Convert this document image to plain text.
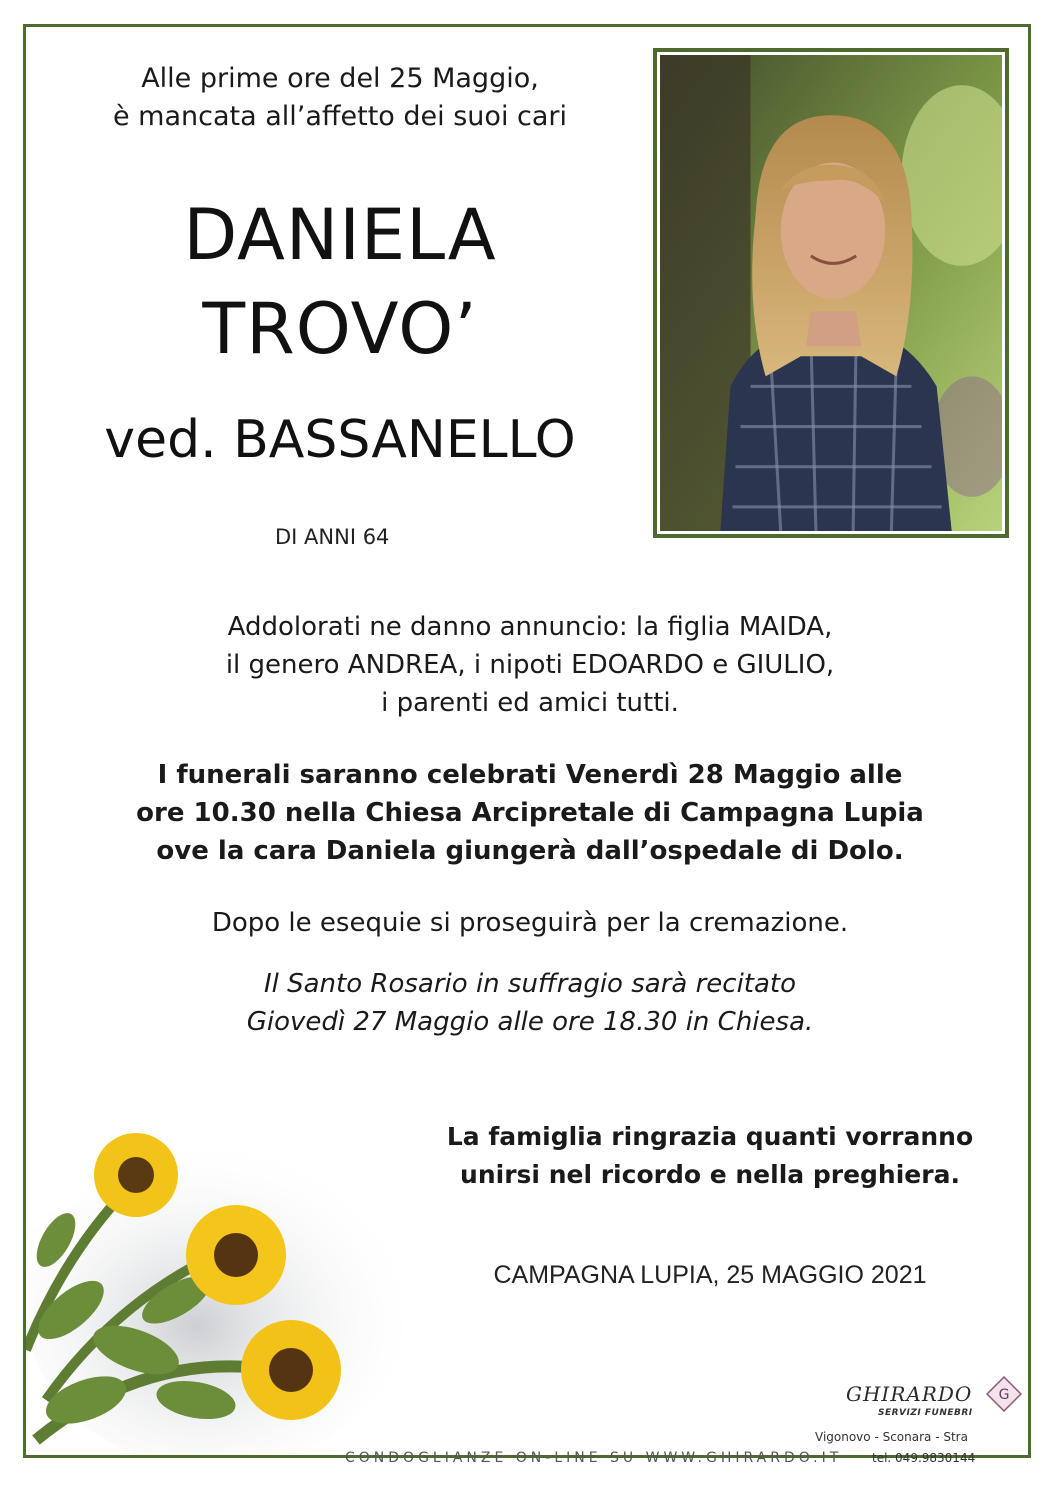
Alle prime ore del 25 Maggio,
è mancata all’affetto dei suoi cari
DANIELA
TROVO’
ved. BASSANELLO
DI ANNI 64
Addolorati ne danno annuncio: la figlia MAIDA,
il genero ANDREA, i nipoti EDOARDO e GIULIO,
i parenti ed amici tutti.
I funerali saranno celebrati Venerdì 28 Maggio alle
ore 10.30 nella Chiesa Arcipretale di Campagna Lupia
ove la cara Daniela giungerà dall’ospedale di Dolo.
Dopo le esequie si proseguirà per la cremazione.
Il Santo Rosario in suffragio sarà recitato
Giovedì 27 Maggio alle ore 18.30 in Chiesa.
La famiglia ringrazia quanti vorranno
unirsi nel ricordo e nella preghiera.
CAMPAGNA LUPIA, 25 MAGGIO 2021
CONDOGLIANZE ON-LINE SU WWW.GHIRARDO.IT
GHIRARDO
SERVIZI FUNEBRI
G
Vigonovo - Sconara - Stra
tel. 049.9830144
